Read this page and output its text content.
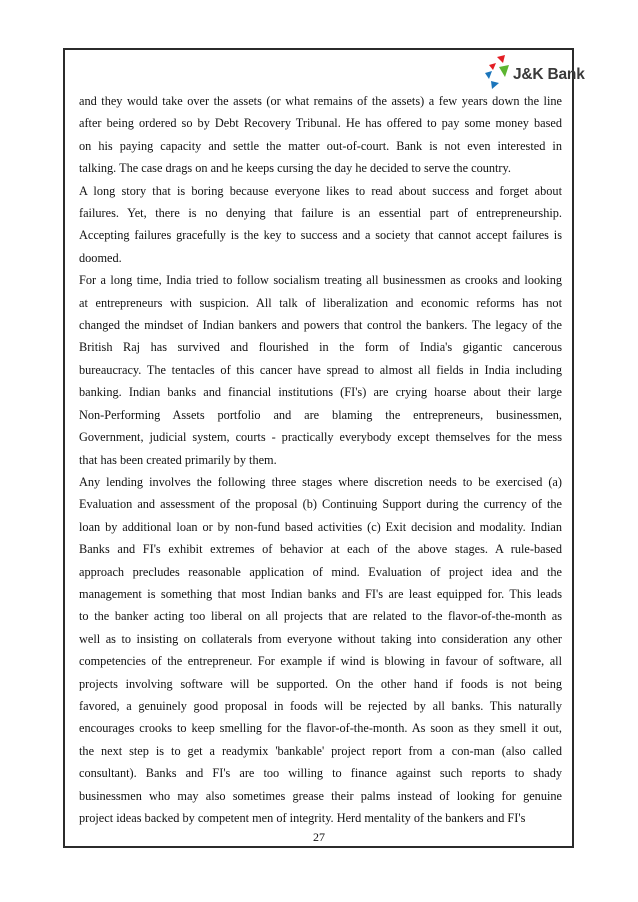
J&K Bank

and they would take over the assets (or what remains of the assets) a few years down the line
after being ordered so by Debt Recovery Tribunal. He has offered to pay some money based
on his paying capacity and settle the matter out-of-court. Bank is not even interested in
talking. The case drags on and he keeps cursing the day he decided to serve the country.

A long story that is boring because everyone likes to read about success and forget about
failures. Yet, there is no denying that failure is an essential part of entrepreneurship.
Accepting failures gracefully is the key to success and a society that cannot accept failures is
doomed.

For a long time, India tried to follow socialism treating all businessmen as crooks and looking
at entrepreneurs with suspicion. All talk of liberalization and economic reforms has not
changed the mindset of Indian bankers and powers that control the bankers. The legacy of the
British Raj has survived and flourished in the form of India's gigantic cancerous
bureaucracy. The tentacles of this cancer have spread to almost all fields in India including
banking. Indian banks and financial institutions (FI's) are crying hoarse about their large
Non-Performing Assets portfolio and are blaming the entrepreneurs, businessmen,
Government, judicial system, courts - practically everybody except themselves for the mess
that has been created primarily by them.

Any lending involves the following three stages where discretion needs to be exercised (a)
Evaluation and assessment of the proposal (b) Continuing Support during the currency of the
loan by additional loan or by non-fund based activities (c) Exit decision and modality. Indian
Banks and FI's exhibit extremes of behavior at each of the above stages. A rule-based
approach precludes reasonable application of mind. Evaluation of project idea and the
management is something that most Indian banks and FI's are least equipped for. This leads
to the banker acting too liberal on all projects that are related to the flavor-of-the-month as
well as to insisting on collaterals from everyone without taking into consideration any other
competencies of the entrepreneur. For example if wind is blowing in favour of software, all
projects involving software will be supported. On the other hand if foods is not being
favored, a genuinely good proposal in foods will be rejected by all banks. This naturally
encourages crooks to keep smelling for the flavor-of-the-month. As soon as they smell it out,
the next step is to get a readymix 'bankable' project report from a con-man (also called
consultant). Banks and FI's are too willing to finance against such reports to shady
businessmen who may also sometimes grease their palms instead of looking for genuine
project ideas backed by competent men of integrity. Herd mentality of the bankers and FI's

27
